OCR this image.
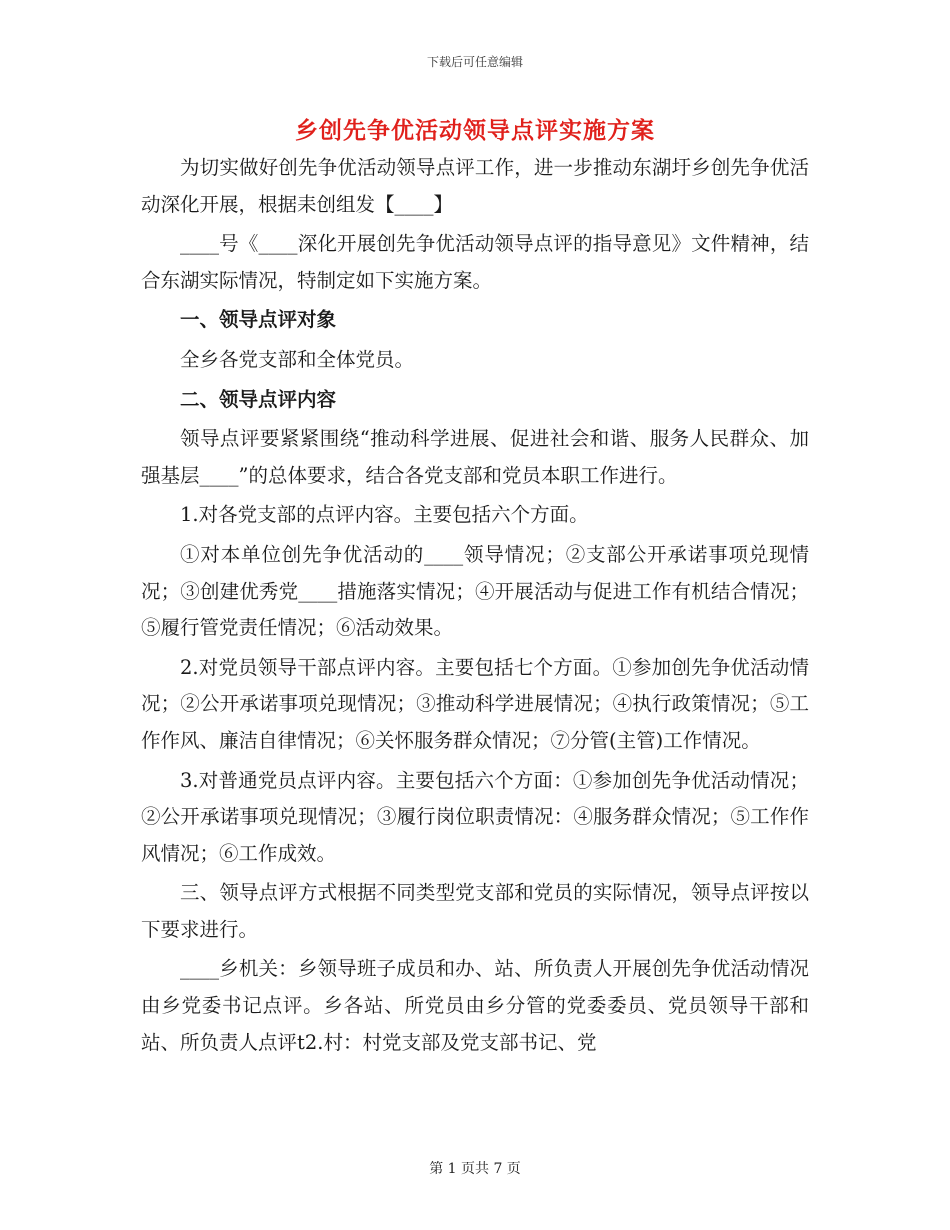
下载后可任意编辑
乡创先争优活动领导点评实施方案

为切实做好创先争优活动领导点评工作，进一步推动东湖圩乡创先争优活动深化开展，根据耒创组发【____】

____号《____深化开展创先争优活动领导点评的指导意见》文件精神，结合东湖实际情况，特制定如下实施方案。

一、领导点评对象

全乡各党支部和全体党员。

二、领导点评内容

领导点评要紧紧围绕“推动科学进展、促进社会和谐、服务人民群众、加强基层____”的总体要求，结合各党支部和党员本职工作进行。

1.对各党支部的点评内容。主要包括六个方面。

①对本单位创先争优活动的____领导情况；②支部公开承诺事项兑现情况；③创建优秀党____措施落实情况；④开展活动与促进工作有机结合情况；⑤履行管党责任情况；⑥活动效果。

2.对党员领导干部点评内容。主要包括七个方面。①参加创先争优活动情况；②公开承诺事项兑现情况；③推动科学进展情况；④执行政策情况；⑤工作作风、廉洁自律情况；⑥关怀服务群众情况；⑦分管(主管)工作情况。

3.对普通党员点评内容。主要包括六个方面：①参加创先争优活动情况；②公开承诺事项兑现情况；③履行岗位职责情况：④服务群众情况；⑤工作作风情况；⑥工作成效。

三、领导点评方式根据不同类型党支部和党员的实际情况，领导点评按以下要求进行。

____乡机关：乡领导班子成员和办、站、所负责人开展创先争优活动情况由乡党委书记点评。乡各站、所党员由乡分管的党委委员、党员领导干部和站、所负责人点评t2.村：村党支部及党支部书记、党

第 1 页共 7 页
